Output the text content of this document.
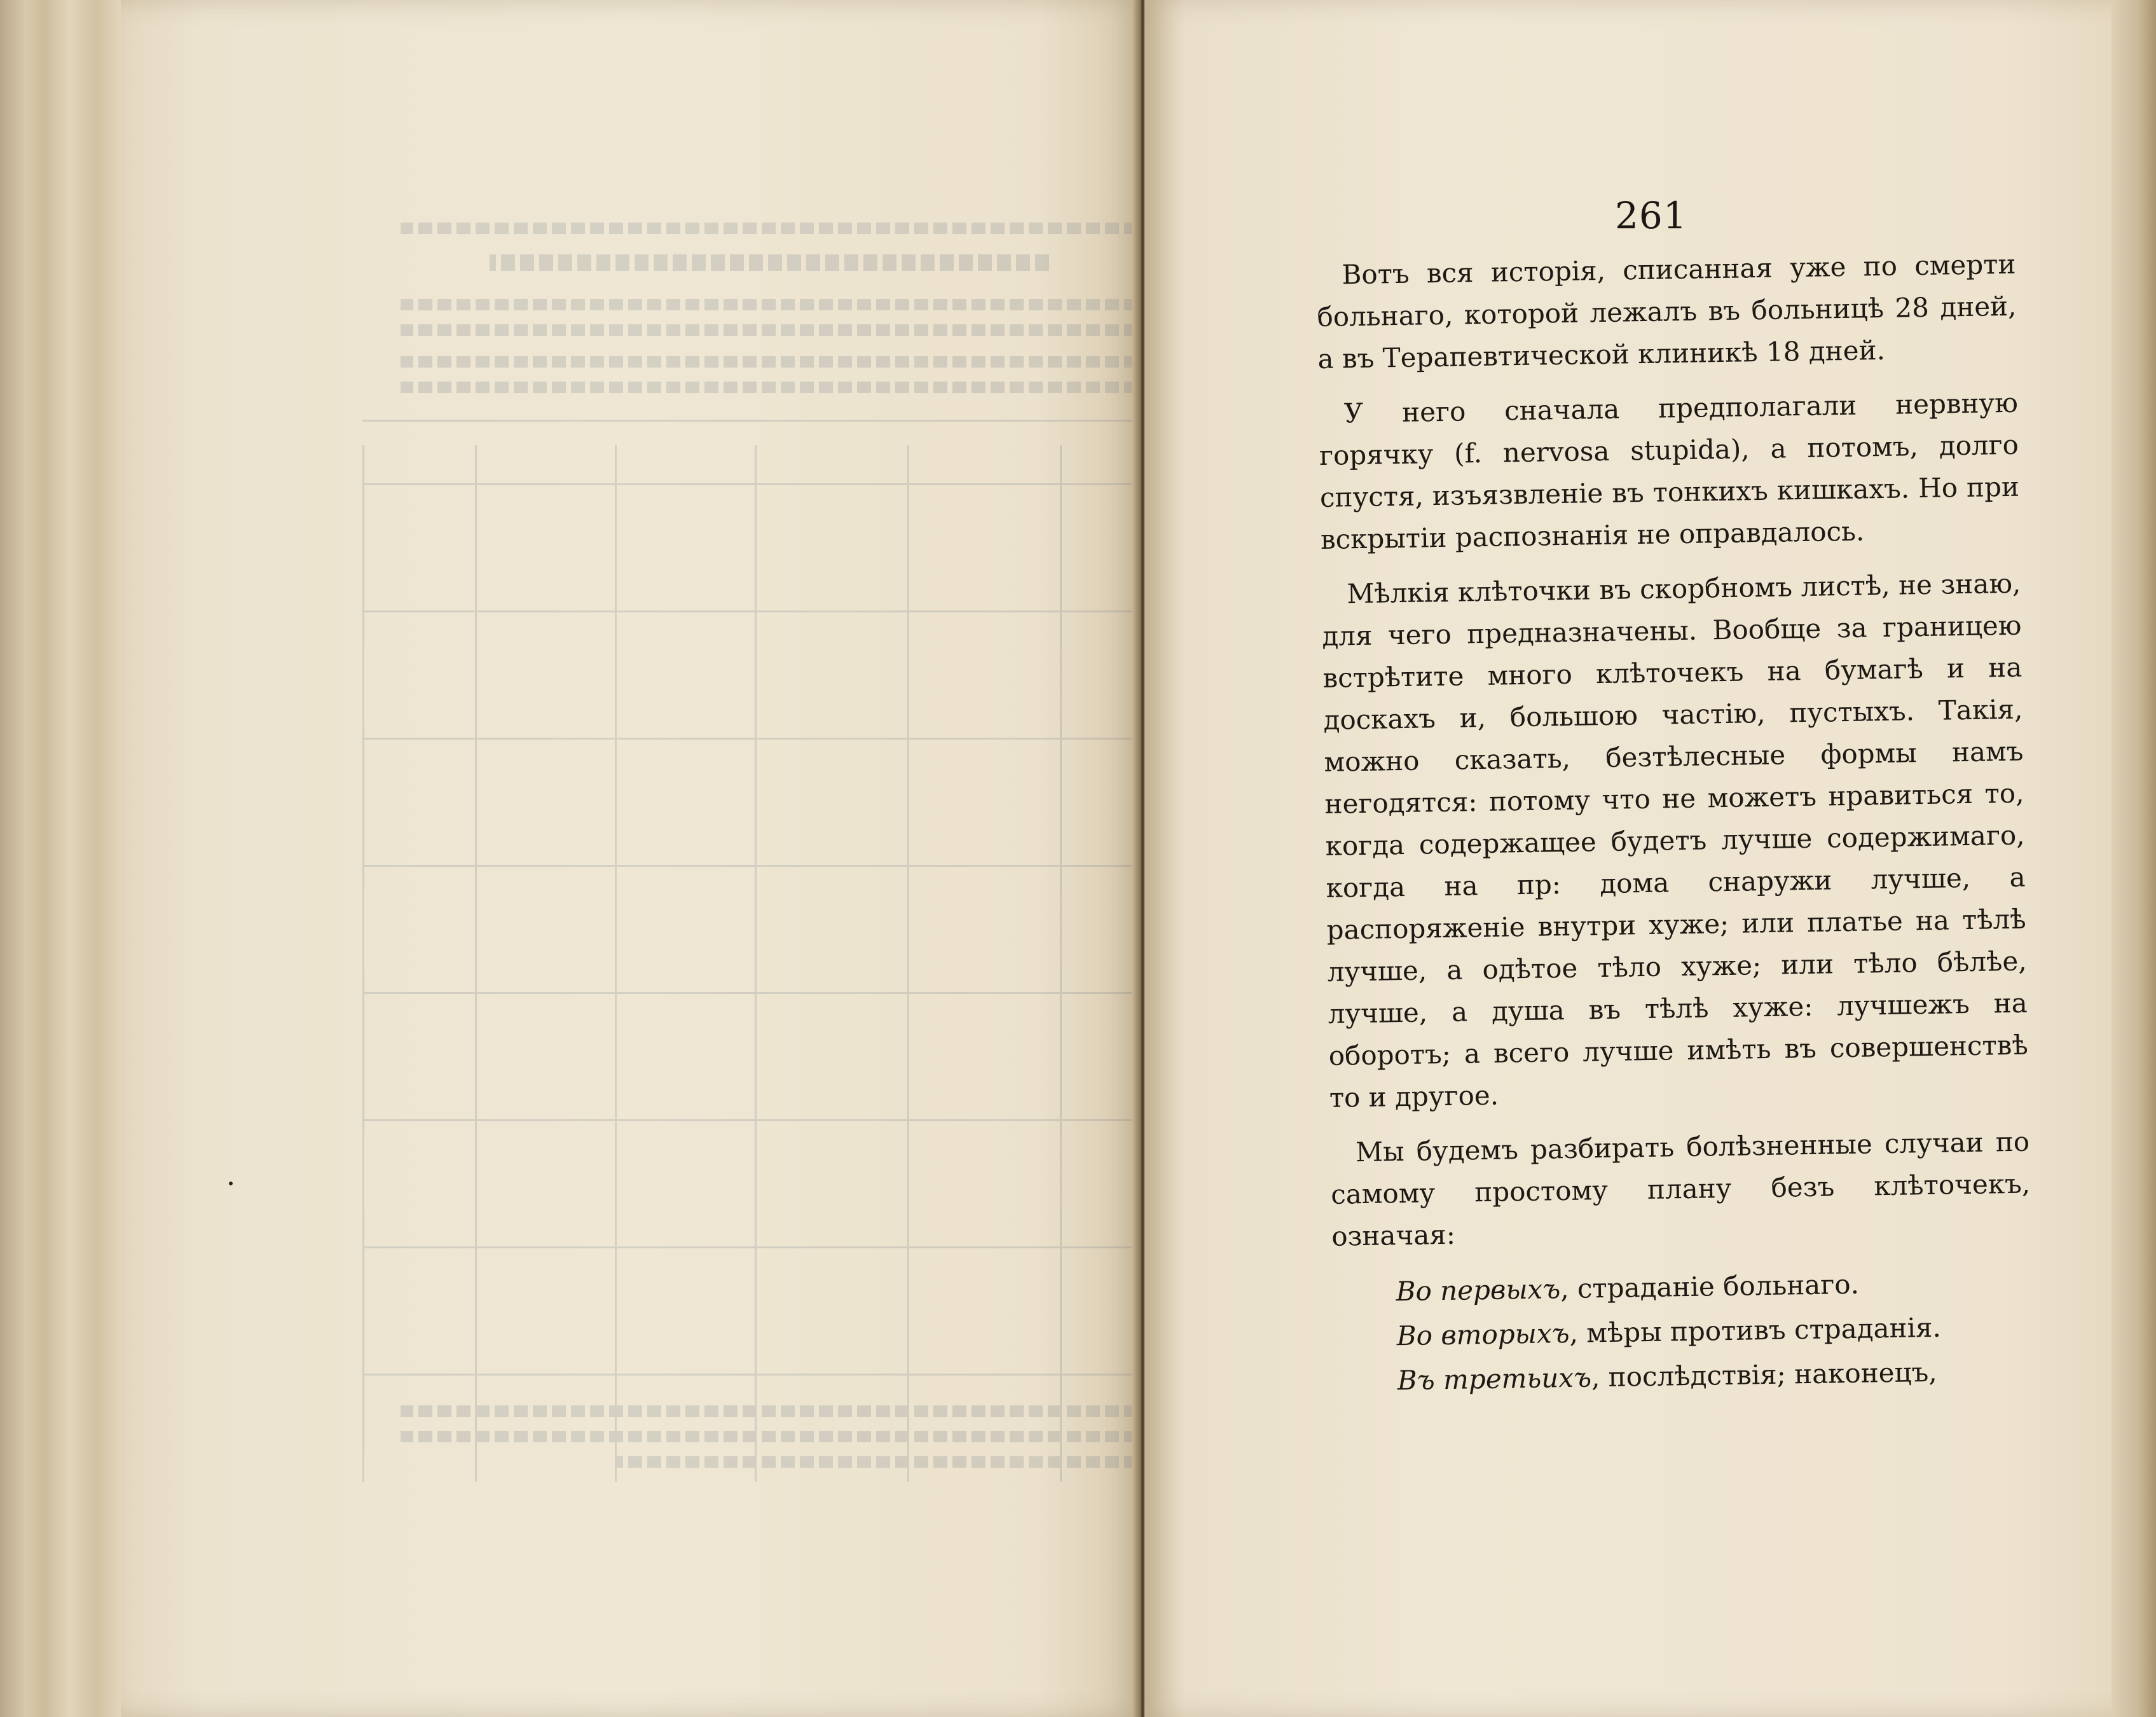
261

Вотъ вся исторія, списанная уже по смерти больнаго, которой лежалъ въ больницѣ 28 дней, а въ Терапевтической клиникѣ 18 дней.

У него сначала предполагали нервную горячку (f. nervosa stupida), а потомъ, долго спустя, изъязвленіе въ тонкихъ кишкахъ. Но при вскрытіи распознанія не оправдалось.

Мѣлкія клѣточки въ скорбномъ листѣ, не знаю, для чего предназначены. Вообще за границею встрѣтите много клѣточекъ на бумагѣ и на доскахъ и, большою частію, пустыхъ. Такія, можно сказать, безтѣлесные формы намъ негодятся: потому что не можетъ нравиться то, когда содержащее будетъ лучше содержимаго, когда на пр: дома снаружи лучше, а распоряженіе внутри хуже; или платье на тѣлѣ лучше, а одѣтое тѣло хуже; или тѣло бѣлѣе, лучше, а душа въ тѣлѣ хуже: лучшежъ на оборотъ; а всего лучше имѣть въ совершенствѣ то и другое.

Мы будемъ разбирать болѣзненные случаи по самому простому плану безъ клѣточекъ, означая:

Во первыхъ, страданіе больнаго.

Во вторыхъ, мѣры противъ страданія.

Въ третьихъ, послѣдствія; наконецъ,
